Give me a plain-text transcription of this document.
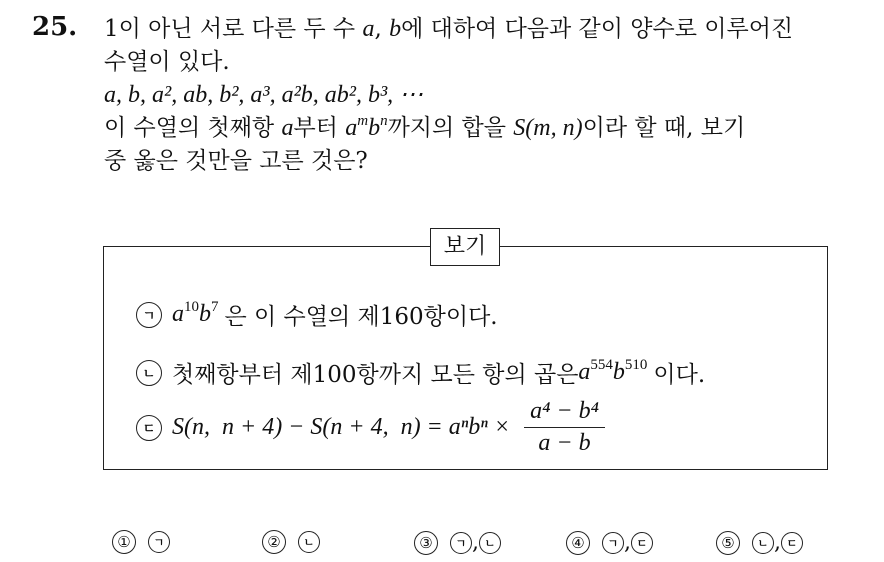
25. 1이 아닌 서로 다른 두 수 a, b에 대하여 다음과 같이 양수로 이루어진
수열이 있다.
a, b, a², ab, b², a³, a²b, ab², b³, ⋯
이 수열의 첫째항 a부터 $a^mb^n$까지의 합을 S(m, n)이라 할 때, 보기
중 옳은 것만을 고른 것은?
보기
ㄱ $a^{10}b^7$ 은 이 수열의 제160항이다.
ㄴ 첫째항부터 제100항까지 모든 항의 곱은 $a^{554}b^{510}$ 이다.
ㄷ S(n,  n + 4) − S(n + 4,  $n) = a^nb^n \times \frac{\text{a⁴ − b⁴}}{a - b}$
①	ㄱ	②	ㄴ	③	ㄱ , ㄴ	④	ㄱ , ㄷ	⑤	ㄴ , ㄷ
